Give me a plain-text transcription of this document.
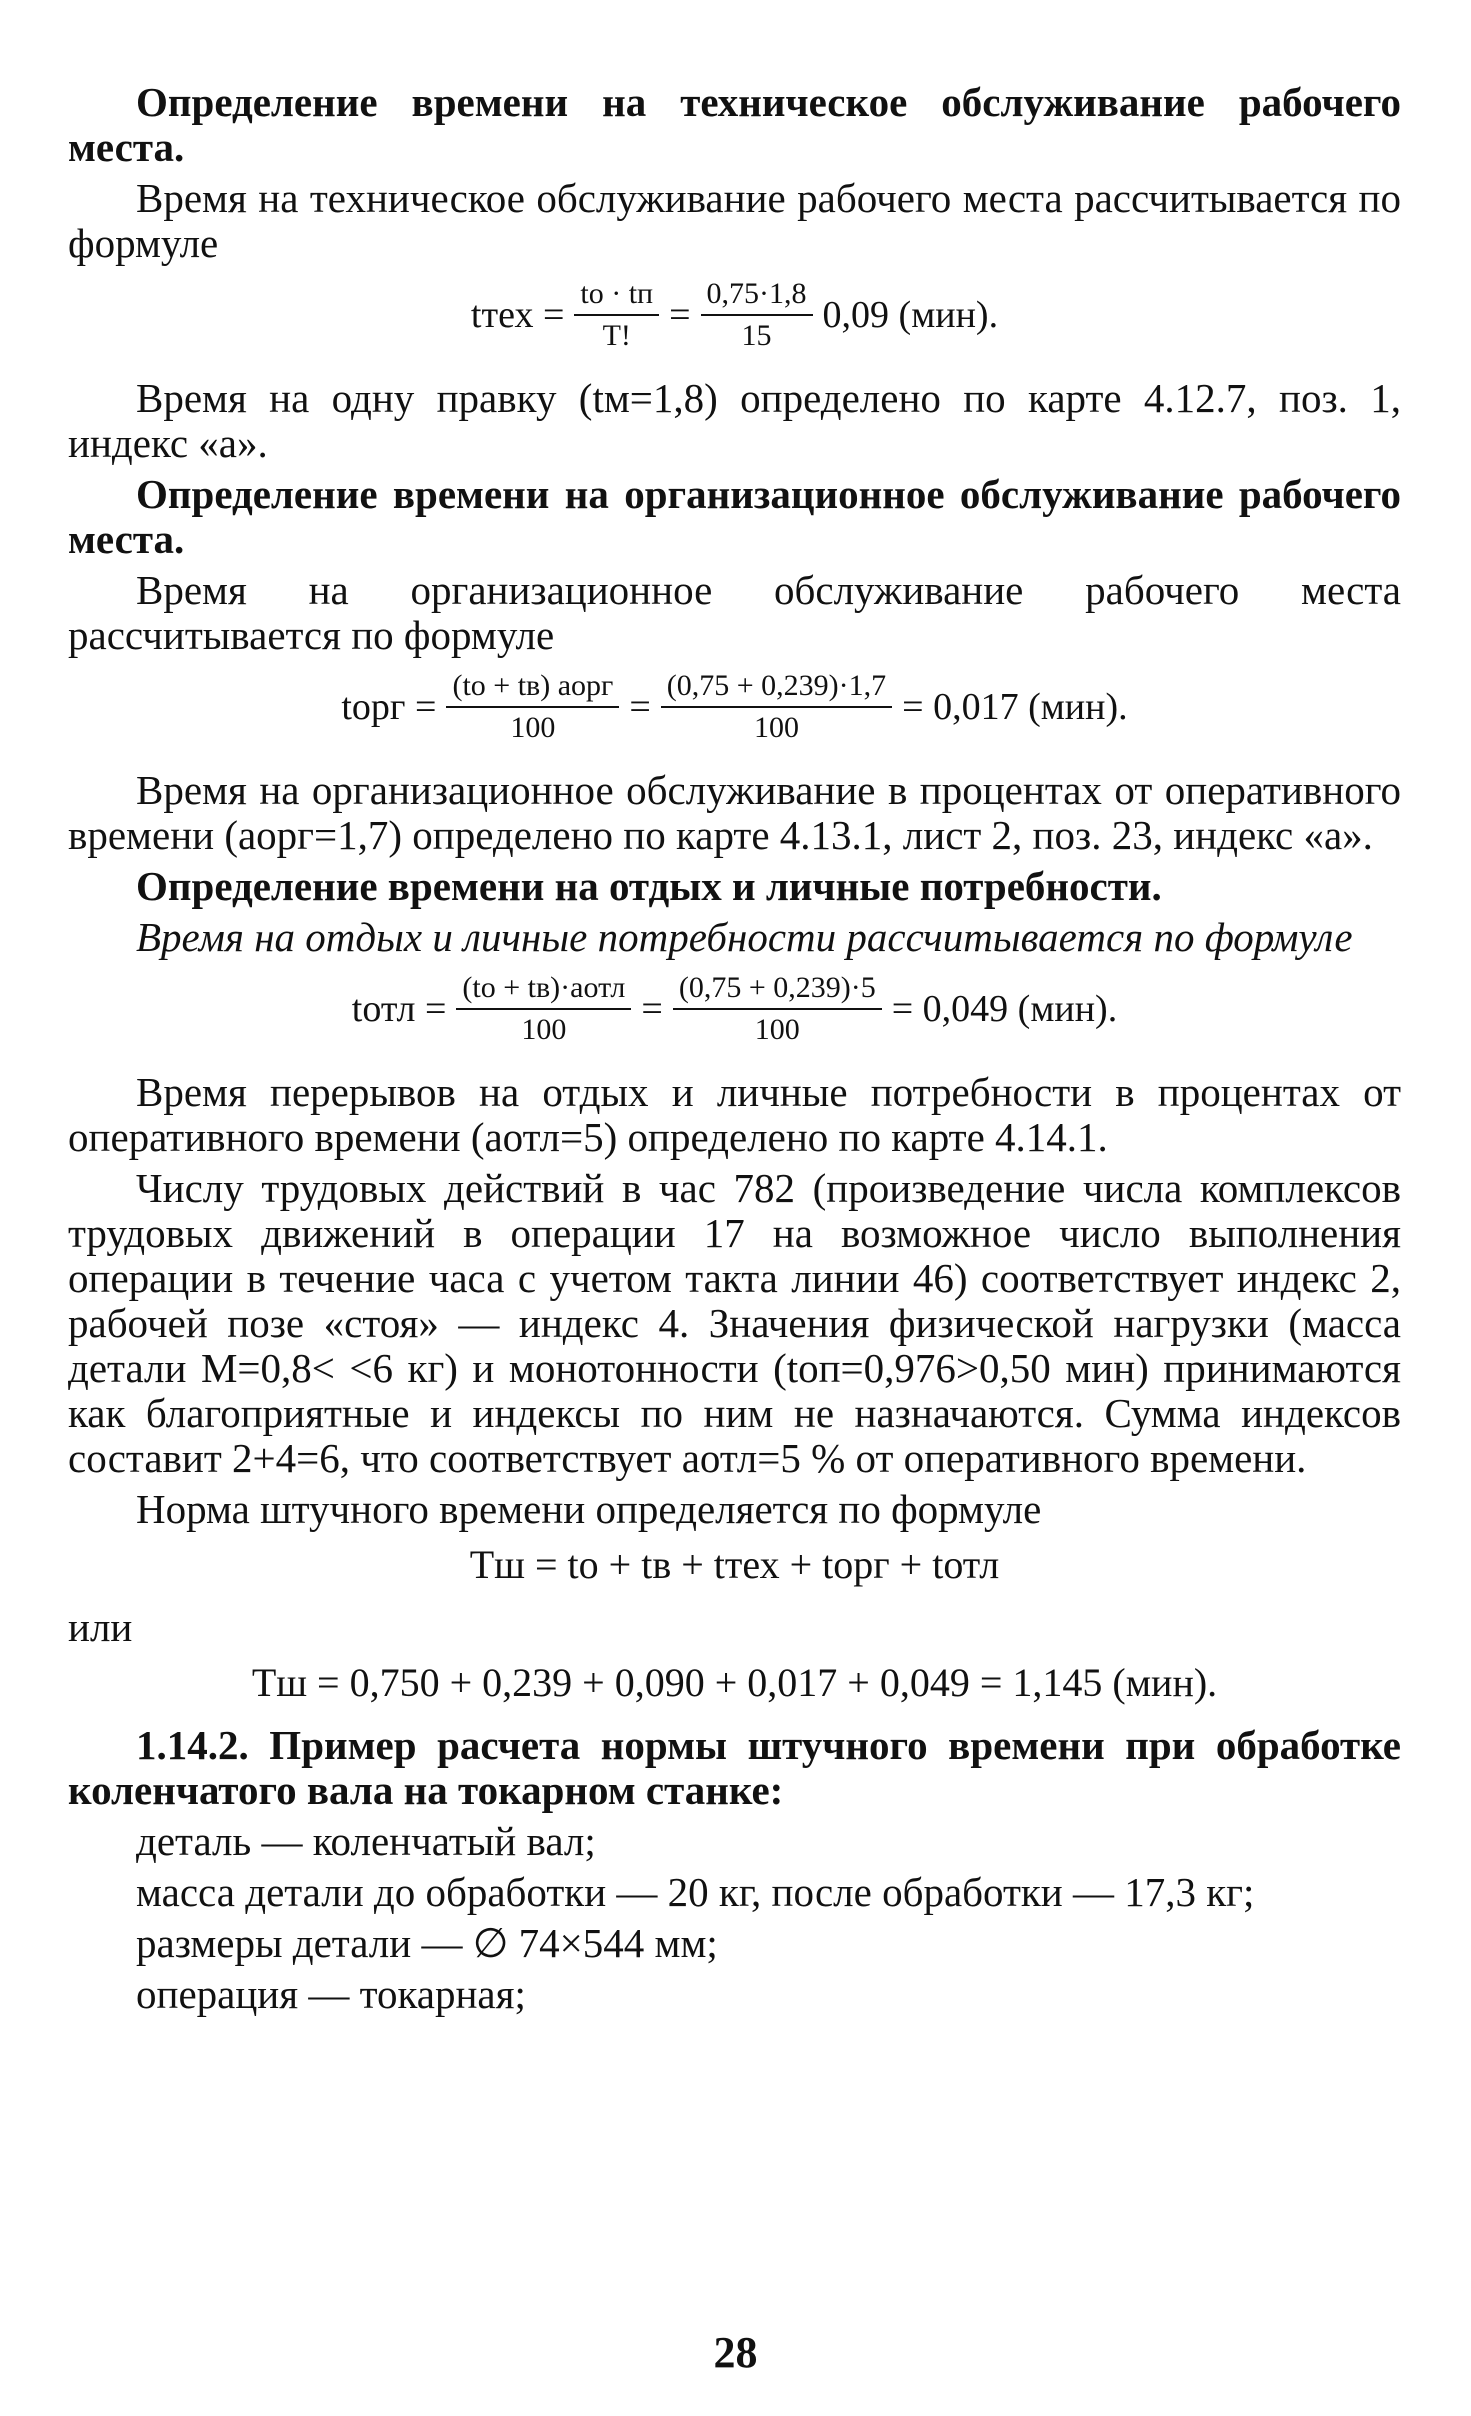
Определение времени на техническое обслуживание рабочего места.

Время на техническое обслуживание рабочего места рассчитывается по формуле

tтех = $\frac{tо \cdot tп}{T!} = \frac{0,75\cdot 1,8}{15} 0,09$ (мин).

Время на одну правку (tм=1,8) определено по карте 4.12.7, поз. 1, индекс «а».

Определение времени на организационное обслуживание рабочего места.

Время на организационное обслуживание рабочего места рассчитывается по формуле

tорг = $\frac{\text{(tо + tв) aорг}}{100} = \frac{(0,75 + 0,239)\cdot 1,7}{100} = 0,017$ (мин).

Время на организационное обслуживание в процентах от оперативного времени (aорг=1,7) определено по карте 4.13.1, лист 2, поз. 23, индекс «а».

Определение времени на отдых и личные потребности.

Время на отдых и личные потребности рассчитывается по формуле

tотл = $\frac{\text{(tо + tв)·aотл}}{100} = \frac{(0,75 + 0,239)\cdot 5}{100} = 0,049$ (мин).

Время перерывов на отдых и личные потребности в процентах от оперативного времени (aотл=5) определено по карте 4.14.1.

Числу трудовых действий в час 782 (произведение числа комплексов трудовых движений в операции 17 на возможное число выполнения операции в течение часа с учетом такта линии 46) соответствует индекс 2, рабочей позе «стоя» — индекс 4. Значения физической нагрузки (масса детали M=0,8< <6 кг) и монотонности (tоп=0,976>0,50 мин) принимаются как благоприятные и индексы по ним не назначаются. Сумма индексов составит 2+4=6, что соответствует aотл=5 % от оперативного времени.

Норма штучного времени определяется по формуле

Tш = tо + tв + tтех + tорг + tотл

или

Tш = 0,750 + 0,239 + 0,090 + 0,017 + 0,049 = 1,145 (мин).

1.14.2. Пример расчета нормы штучного времени при обработке коленчатого вала на токарном станке:

деталь — коленчатый вал;

масса детали до обработки — 20 кг, после обработки — 17,3 кг;

размеры детали — ∅ 74×544 мм;

операция — токарная;

28
